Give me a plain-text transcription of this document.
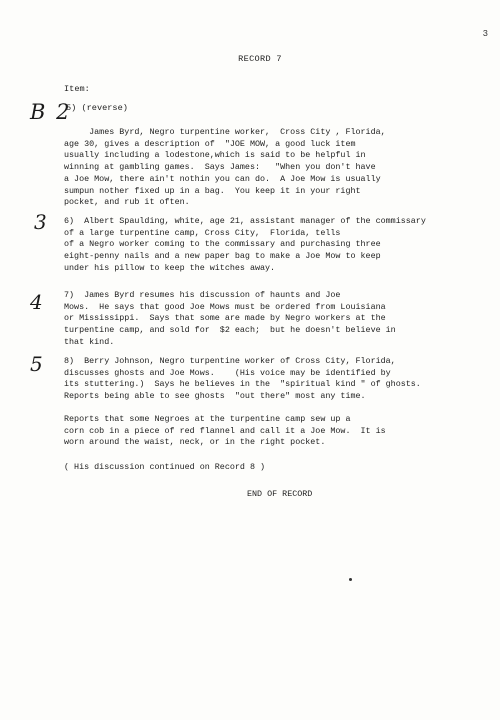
3
RECORD 7
Item:
B 2
3
4
5
5) (reverse)
James Byrd, Negro turpentine worker,  Cross City , Florida,
age 30, gives a description of  "JOE MOW, a good luck item
usually including a lodestone,which is said to be helpful in
winning at gambling games.  Says James:   "When you don't have
a Joe Mow, there ain't nothin you can do.  A Joe Mow is usually
sumpun nother fixed up in a bag.  You keep it in your right
pocket, and rub it often.
6)  Albert Spaulding, white, age 21, assistant manager of the commissary
of a large turpentine camp, Cross City,  Florida, tells
of a Negro worker coming to the commissary and purchasing three
eight-penny nails and a new paper bag to make a Joe Mow to keep
under his pillow to keep the witches away.
7)  James Byrd resumes his discussion of haunts and Joe
Mows.  He says that good Joe Mows must be ordered from Louisiana
or Mississippi.  Says that some are made by Negro workers at the
turpentine camp, and sold for  $2 each;  but he doesn't believe in
that kind.
8)  Berry Johnson, Negro turpentine worker of Cross City, Florida,
discusses ghosts and Joe Mows.    (His voice may be identified by
its stuttering.)  Says he believes in the  "spiritual kind " of ghosts.
Reports being able to see ghosts  "out there" most any time.
Reports that some Negroes at the turpentine camp sew up a
corn cob in a piece of red flannel and call it a Joe Mow.  It is
worn around the waist, neck, or in the right pocket.
( His discussion continued on Record 8 )
END OF RECORD
